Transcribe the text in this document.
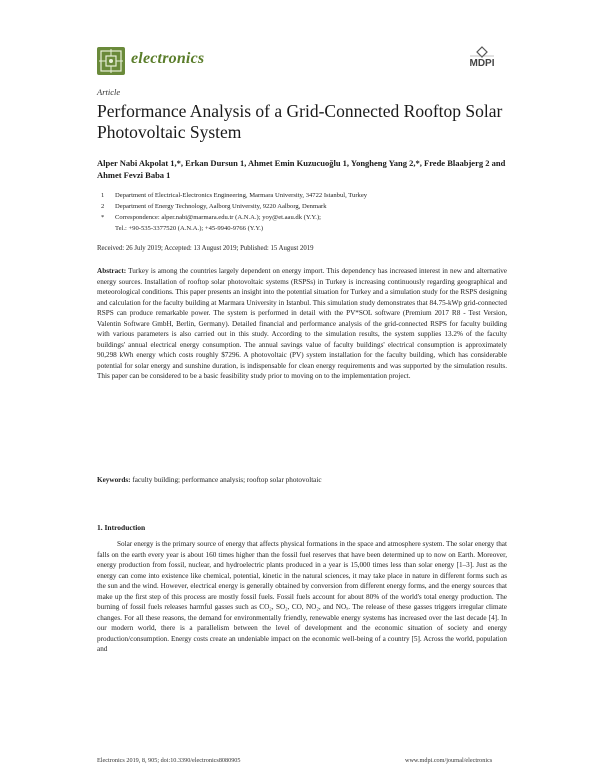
electronics	MDPI
Article
Performance Analysis of a Grid-Connected Rooftop Solar Photovoltaic System
Alper Nabi Akpolat 1,*, Erkan Dursun 1, Ahmet Emin Kuzucuoğlu 1, Yongheng Yang 2,*, Frede Blaabjerg 2 and Ahmet Fevzi Baba 1
1 Department of Electrical-Electronics Engineering, Marmara University, 34722 Istanbul, Turkey
2 Department of Energy Technology, Aalborg University, 9220 Aalborg, Denmark
* Correspondence: alper.nabi@marmara.edu.tr (A.N.A.); yoy@et.aau.dk (Y.Y.);
Tel.: +90-535-3377520 (A.N.A.); +45-9940-9766 (Y.Y.)
Received: 26 July 2019; Accepted: 13 August 2019; Published: 15 August 2019
Abstract: Turkey is among the countries largely dependent on energy import. This dependency has increased interest in new and alternative energy sources. Installation of rooftop solar photovoltaic systems (RSPSs) in Turkey is increasing continuously regarding geographical and meteorological conditions. This paper presents an insight into the potential situation for Turkey and a simulation study for the RSPS designing and calculation for the faculty building at Marmara University in Istanbul. This simulation study demonstrates that 84.75-kWp grid-connected RSPS can produce remarkable power. The system is performed in detail with the PV*SOL software (Premium 2017 R8 - Test Version, Valentin Software GmbH, Berlin, Germany). Detailed financial and performance analysis of the grid-connected RSPS for faculty building with various parameters is also carried out in this study. According to the simulation results, the system supplies 13.2% of the faculty buildings' annual electrical energy consumption. The annual savings value of faculty buildings' electrical consumption is approximately 90,298 kWh energy which costs roughly $7296. A photovoltaic (PV) system installation for the faculty building, which has considerable potential for solar energy and sunshine duration, is indispensable for clean energy requirements and was supported by the simulation results. This paper can be considered to be a basic feasibility study prior to moving on to the implementation project.
Keywords: faculty building; performance analysis; rooftop solar photovoltaic
1. Introduction

Solar energy is the primary source of energy that affects physical formations in the space and atmosphere system. The solar energy that falls on the earth every year is about 160 times higher than the fossil fuel reserves that have been determined up to now on Earth. Moreover, energy production from fossil, nuclear, and hydroelectric plants produced in a year is 15,000 times less than solar energy [1–3]. Just as the energy can come into existence like chemical, potential, kinetic in the natural sciences, it may take place in nature in different forms such as the sun and the wind. However, electrical energy is generally obtained by conversion from different energy forms, and the energy sources that make up the first step of this process are mostly fossil fuels. Fossil fuels account for about 80% of the world's total energy production. The burning of fossil fuels releases harmful gasses such as CO₂, SO₂, CO, NO₂, and NOₓ. The release of these gasses triggers irregular climate changes. For all these reasons, the demand for environmentally friendly, renewable energy systems has increased over the last decade [4]. In our modern world, there is a parallelism between the level of development and the economic situation of society and energy production/consumption. Energy costs create an undeniable impact on the economic well-being of a country [5]. Across the world, population and

Electronics 2019, 8, 905; doi:10.3390/electronics8080905	www.mdpi.com/journal/electronics
